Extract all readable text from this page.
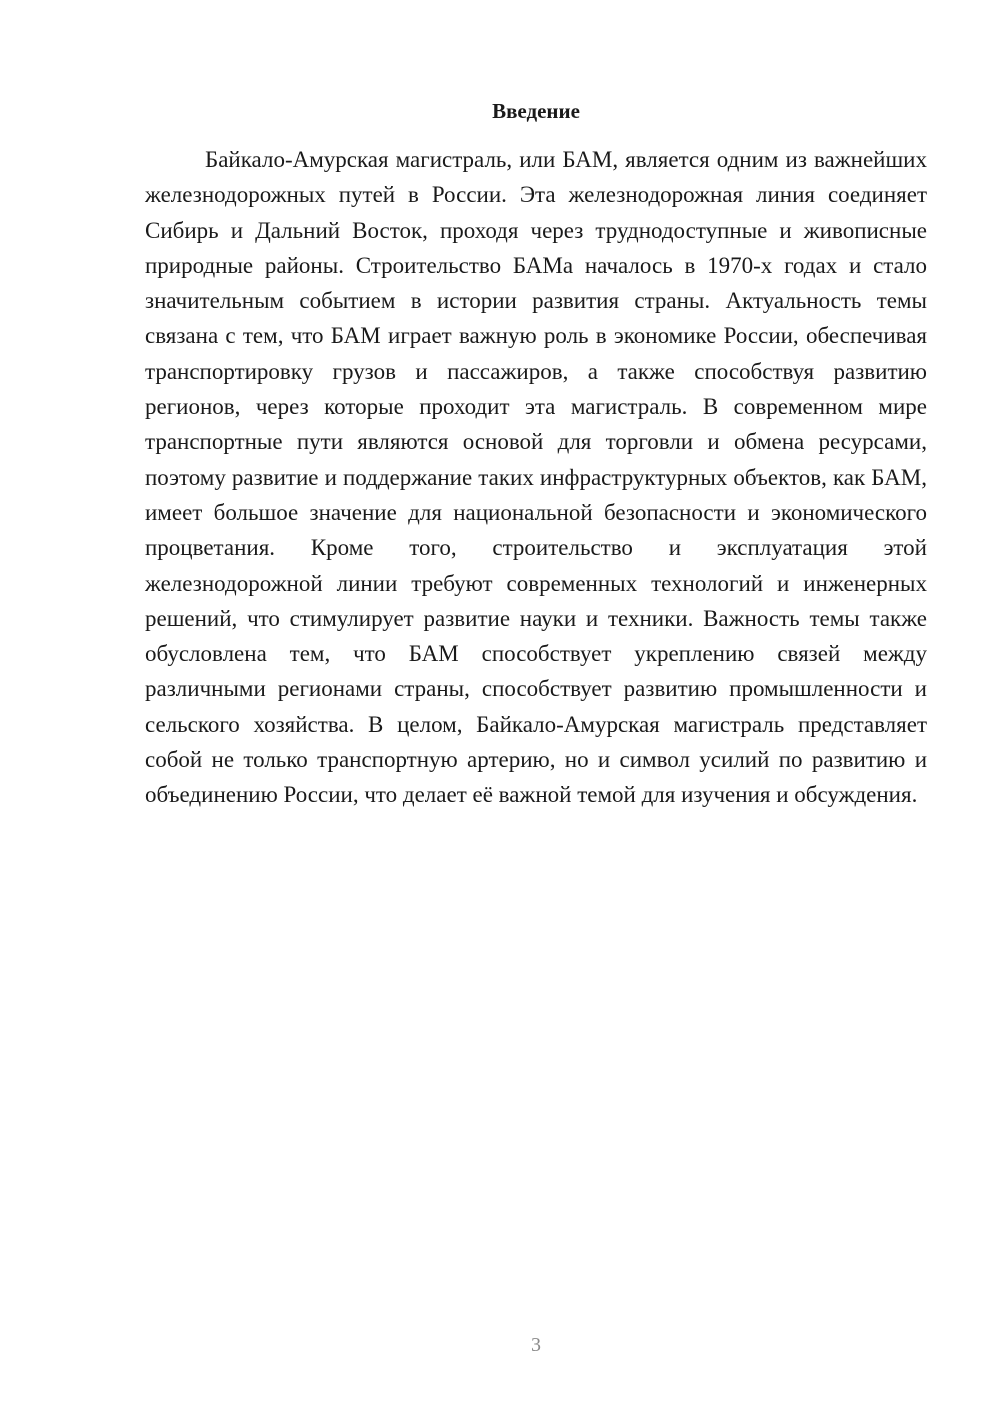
Введение

Байкало-Амурская магистраль, или БАМ, является одним из важнейших железнодорожных путей в России. Эта железнодорожная линия соединяет Сибирь и Дальний Восток, проходя через труднодоступные и живописные природные районы. Строительство БАМа началось в 1970-х годах и стало значительным событием в истории развития страны. Актуальность темы связана с тем, что БАМ играет важную роль в экономике России, обеспечивая транспортировку грузов и пассажиров, а также способствуя развитию регионов, через которые проходит эта магистраль. В современном мире транспортные пути являются основой для торговли и обмена ресурсами, поэтому развитие и поддержание таких инфраструктурных объектов, как БАМ, имеет большое значение для национальной безопасности и экономического процветания. Кроме того, строительство и эксплуатация этой железнодорожной линии требуют современных технологий и инженерных решений, что стимулирует развитие науки и техники. Важность темы также обусловлена тем, что БАМ способствует укреплению связей между различными регионами страны, способствует развитию промышленности и сельского хозяйства. В целом, Байкало-Амурская магистраль представляет собой не только транспортную артерию, но и символ усилий по развитию и объединению России, что делает её важной темой для изучения и обсуждения.

3
